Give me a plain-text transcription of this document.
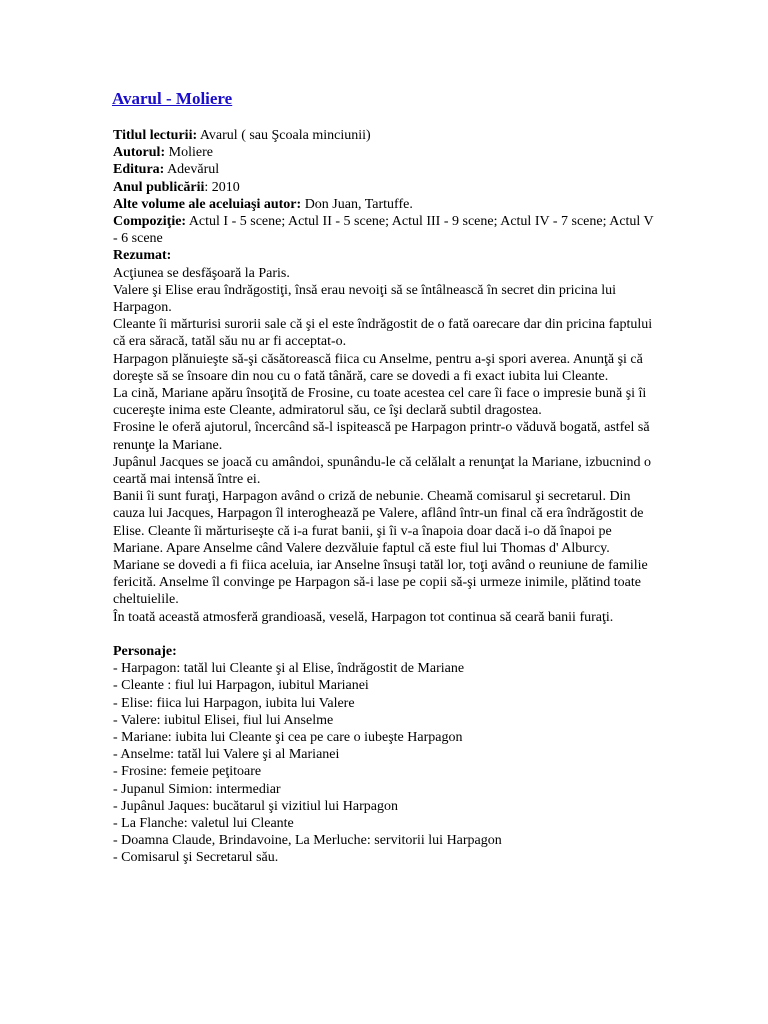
Avarul - Moliere

Titlul lecturii: Avarul ( sau Şcoala minciunii)

Autorul: Moliere

Editura: Adevărul

Anul publicării: 2010

Alte volume ale aceluiaşi autor: Don Juan, Tartuffe.

Compoziţie: Actul I - 5 scene; Actul II - 5 scene; Actul III - 9 scene; Actul IV - 7 scene; Actul V - 6 scene

Rezumat:

Acţiunea se desfăşoară la Paris.

Valere şi Elise erau îndrăgostiţi, însă erau nevoiţi să se întâlnească în secret din pricina lui Harpagon.

Cleante îi mărturisi surorii sale că şi el este îndrăgostit de o fată oarecare dar din pricina faptului că era săracă, tatăl său nu ar fi acceptat-o.

Harpagon plănuieşte să-şi căsătorească fiica cu Anselme, pentru a-şi spori averea. Anunţă şi că doreşte să se însoare din nou cu o fată tânără, care se dovedi a fi exact iubita lui Cleante.

La cină, Mariane apăru însoţită de Frosine, cu toate acestea cel care îi face o impresie bună şi îi cucereşte inima este Cleante, admiratorul său, ce îşi declară subtil dragostea.

Frosine le oferă ajutorul, încercând să-l ispitească pe Harpagon printr-o văduvă bogată, astfel să renunţe la Mariane.

Jupânul Jacques se joacă cu amândoi, spunându-le că celălalt a renunţat la Mariane, izbucnind o ceartă mai intensă între ei.

Banii îi sunt furaţi, Harpagon având o criză de nebunie. Cheamă comisarul şi secretarul. Din cauza lui Jacques, Harpagon îl interoghează pe Valere, aflând într-un final că era îndrăgostit de Elise. Cleante îi mărturiseşte că i-a furat banii, şi îi v-a înapoia doar dacă i-o dă înapoi pe Mariane. Apare Anselme când Valere dezvăluie faptul că este fiul lui Thomas d' Alburcy. Mariane se dovedi a fi fiica aceluia, iar Anselne însuşi tatăl lor, toţi având o reuniune de familie fericită. Anselme îl convinge pe Harpagon să-i lase pe copii să-şi urmeze inimile, plătind toate cheltuielile.

În toată această atmosferă grandioasă, veselă, Harpagon tot continua să ceară banii furaţi.

Personaje:

- Harpagon: tatăl lui Cleante şi al Elise, îndrăgostit de Mariane

- Cleante : fiul lui Harpagon, iubitul Marianei

- Elise: fiica lui Harpagon, iubita lui Valere

- Valere: iubitul Elisei, fiul lui Anselme

- Mariane: iubita lui Cleante şi cea pe care o iubeşte Harpagon

- Anselme: tatăl lui Valere şi al Marianei

- Frosine: femeie peţitoare

- Jupanul Simion: intermediar

- Jupânul Jaques: bucătarul şi vizitiul lui Harpagon

- La Flanche: valetul lui Cleante

- Doamna Claude, Brindavoine, La Merluche: servitorii lui Harpagon

- Comisarul şi Secretarul său.
